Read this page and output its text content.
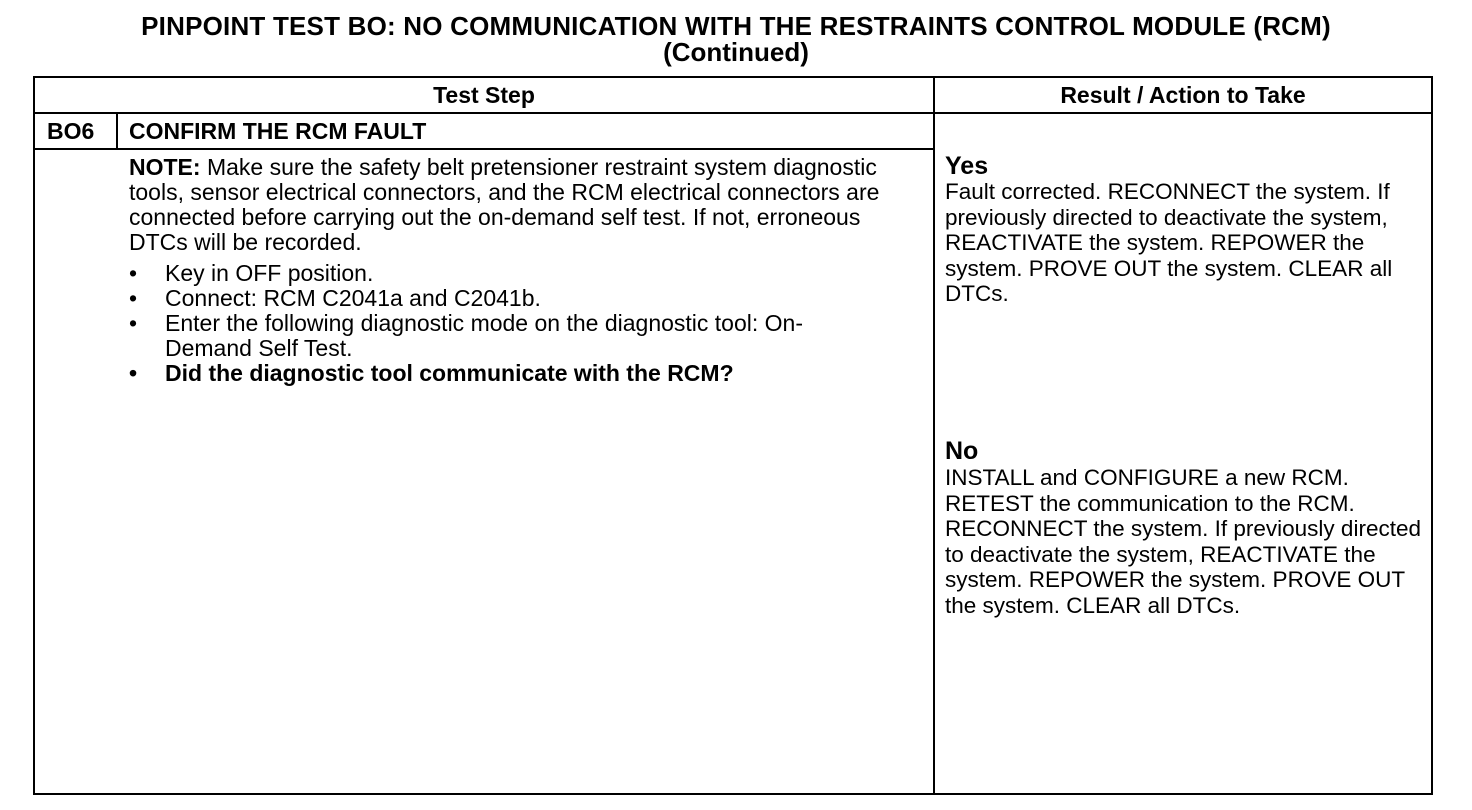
PINPOINT TEST BO: NO COMMUNICATION WITH THE RESTRAINTS CONTROL MODULE (RCM)
(Continued)
Test Step	Result / Action to Take
BO6 CONFIRM THE RCM FAULT
NOTE: Make sure the safety belt pretensioner restraint system diagnostic tools, sensor electrical connectors, and the RCM electrical connectors are connected before carrying out the on-demand self test. If not, erroneous DTCs will be recorded.
• Key in OFF position.
• Connect: RCM C2041a and C2041b.
• Enter the following diagnostic mode on the diagnostic tool: On-Demand Self Test.
• Did the diagnostic tool communicate with the RCM?
Yes
Fault corrected. RECONNECT the system. If previously directed to deactivate the system, REACTIVATE the system. REPOWER the system. PROVE OUT the system. CLEAR all DTCs.
No
INSTALL and CONFIGURE a new RCM. RETEST the communication to the RCM. RECONNECT the system. If previously directed to deactivate the system, REACTIVATE the system. REPOWER the system. PROVE OUT the system. CLEAR all DTCs.
